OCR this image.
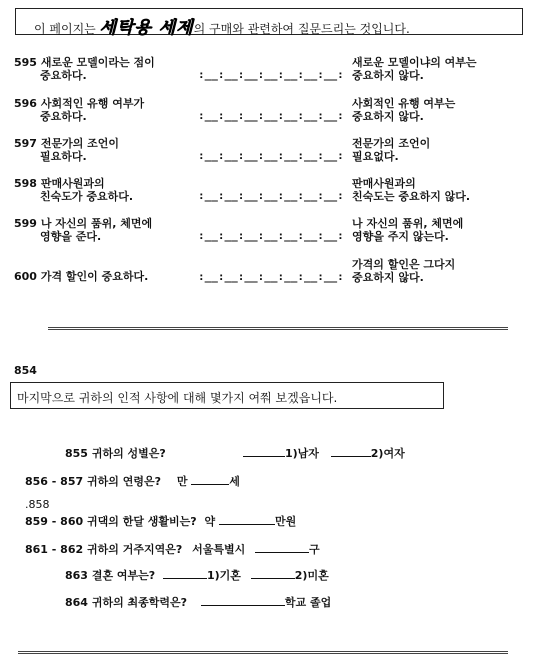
이 페이지는 세탁용 세제의 구매와 관련하여 질문드리는 것입니다.
595 새로운 모델이라는 점이
중요하다.	:__:__:__:__:__:__:__:
새로운 모델이냐의 여부는
중요하지 않다.
596 사회적인 유행 여부가
중요하다.	:__:__:__:__:__:__:__:
사회적인 유행 여부는
중요하지 않다.
597 전문가의 조언이
필요하다.	:__:__:__:__:__:__:__:
전문가의 조언이
필요없다.
598 판매사원과의
친숙도가 중요하다.	:__:__:__:__:__:__:__:
판매사원과의
친숙도는 중요하지 않다.
599 나 자신의 품위, 체면에
영향을 준다.	:__:__:__:__:__:__:__:
나 자신의 품위, 체면에
영향을 주지 않는다.
600 가격 할인이 중요하다.	:__:__:__:__:__:__:__:
가격의 할인은 그다지
중요하지 않다.
854
마지막으로 귀하의 인적 사항에 대해 몇가지 여쭤 보겠읍니다.
855 귀하의 성별은?	1)남자	2)여자
856 - 857 귀하의 연령은? 만	세
.858
859 - 860 귀댁의 한달 생활비는? 약	만원
861 - 862 귀하의 거주지역은? 서울특별시	구
863 결혼 여부는?	1)기혼	2)미혼
864 귀하의 최종학력은?	학교 졸업
